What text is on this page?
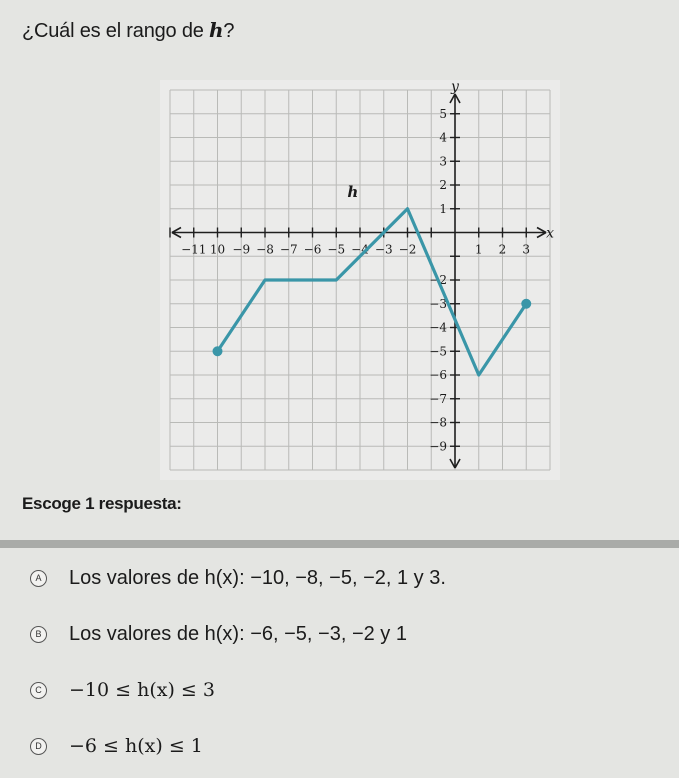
¿Cuál es el rango de h?
−11 10 −9 −8 −7 −6 −5 −4 −3 −2	1 2 3
5
4
3
2
1
−2
−3
−4
−5
−6
−7
−8
−9
x
y
h
Escoge 1 respuesta:
A Los valores de h(x): −10, −8, −5, −2, 1 y 3.
B Los valores de h(x): −6, −5, −3, −2 y 1
C −10 ≤ h(x) ≤ 3
D −6 ≤ h(x) ≤ 1
